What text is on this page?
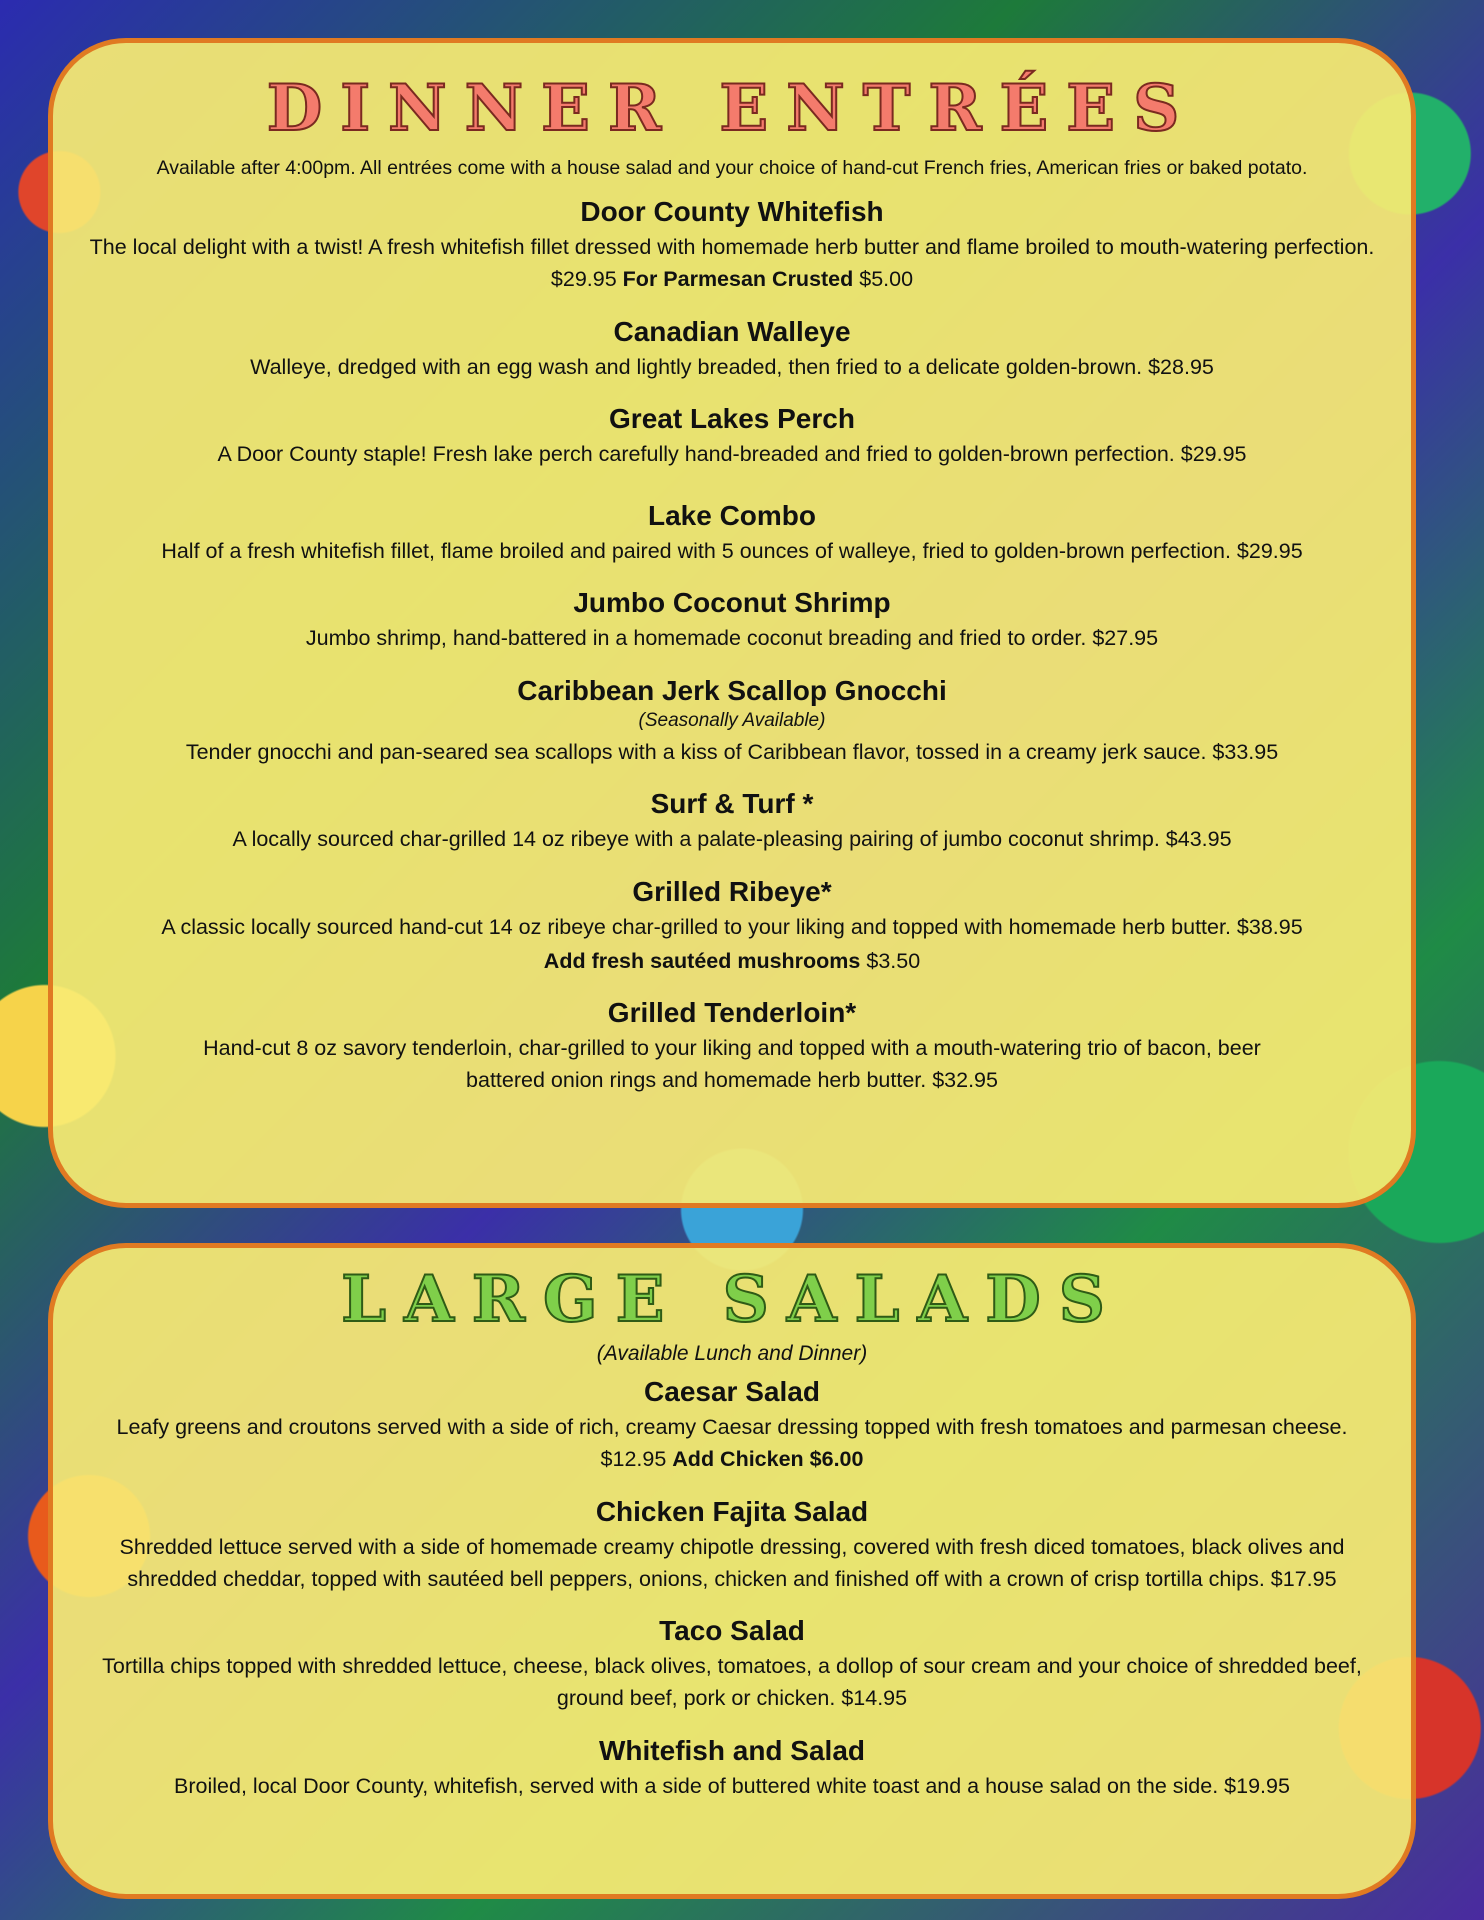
DINNER ENTRÉES

Available after 4:00pm. All entrées come with a house salad and your choice of hand-cut French fries, American fries or baked potato.

Door County Whitefish
The local delight with a twist! A fresh whitefish fillet dressed with homemade herb butter and flame broiled to mouth-watering perfection. $29.95 For Parmesan Crusted $5.00
Canadian Walleye
Walleye, dredged with an egg wash and lightly breaded, then fried to a delicate golden-brown. $28.95
Great Lakes Perch
A Door County staple! Fresh lake perch carefully hand-breaded and fried to golden-brown perfection. $29.95
Lake Combo
Half of a fresh whitefish fillet, flame broiled and paired with 5 ounces of walleye, fried to golden-brown perfection. $29.95
Jumbo Coconut Shrimp
Jumbo shrimp, hand-battered in a homemade coconut breading and fried to order. $27.95
Caribbean Jerk Scallop Gnocchi
(Seasonally Available)
Tender gnocchi and pan-seared sea scallops with a kiss of Caribbean flavor, tossed in a creamy jerk sauce. $33.95
Surf & Turf *
A locally sourced char-grilled 14 oz ribeye with a palate-pleasing pairing of jumbo coconut shrimp. $43.95
Grilled Ribeye*
A classic locally sourced hand-cut 14 oz ribeye char-grilled to your liking and topped with homemade herb butter. $38.95
Add fresh sautéed mushrooms $3.50
Grilled Tenderloin*
Hand-cut 8 oz savory tenderloin, char-grilled to your liking and topped with a mouth-watering trio of bacon, beer battered onion rings and homemade herb butter. $32.95
LARGE SALADS

(Available Lunch and Dinner)

Caesar Salad
Leafy greens and croutons served with a side of rich, creamy Caesar dressing topped with fresh tomatoes and parmesan cheese. $12.95 Add Chicken $6.00
Chicken Fajita Salad
Shredded lettuce served with a side of homemade creamy chipotle dressing, covered with fresh diced tomatoes, black olives and shredded cheddar, topped with sautéed bell peppers, onions, chicken and finished off with a crown of crisp tortilla chips. $17.95
Taco Salad
Tortilla chips topped with shredded lettuce, cheese, black olives, tomatoes, a dollop of sour cream and your choice of shredded beef, ground beef, pork or chicken. $14.95
Whitefish and Salad
Broiled, local Door County, whitefish, served with a side of buttered white toast and a house salad on the side. $19.95
